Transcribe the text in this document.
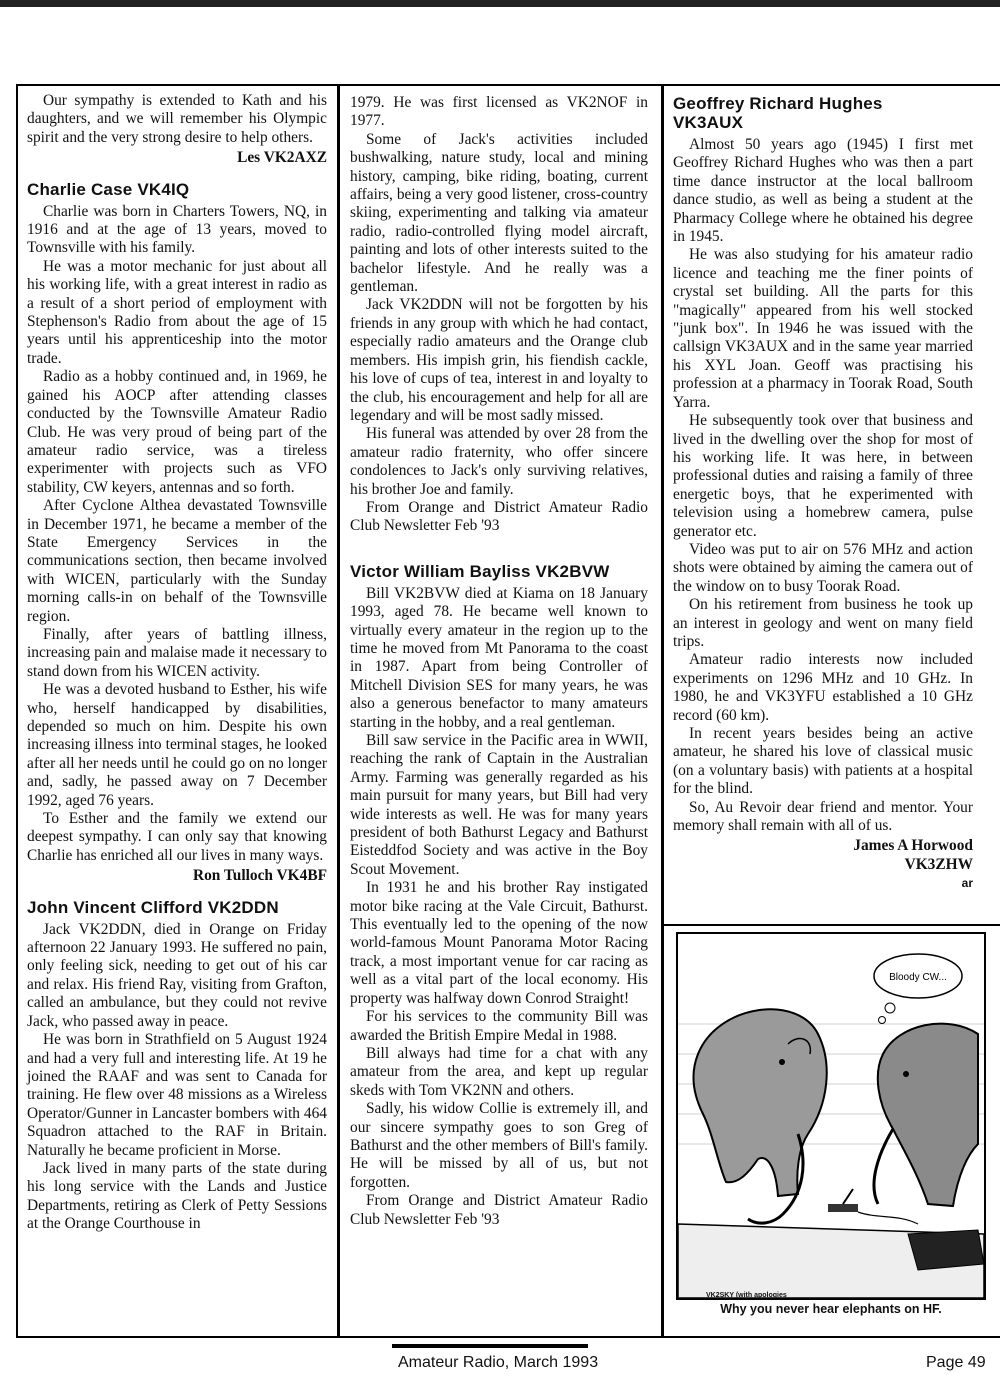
Our sympathy is extended to Kath and his daughters, and we will remember his Olympic spirit and the very strong desire to help others.

Les VK2AXZ

Charlie Case VK4IQ

Charlie was born in Charters Towers, NQ, in 1916 and at the age of 13 years, moved to Townsville with his family.

He was a motor mechanic for just about all his working life, with a great interest in radio as a result of a short period of employment with Stephenson's Radio from about the age of 15 years until his apprenticeship into the motor trade.

Radio as a hobby continued and, in 1969, he gained his AOCP after attending classes conducted by the Townsville Amateur Radio Club. He was very proud of being part of the amateur radio service, was a tireless experimenter with projects such as VFO stability, CW keyers, antennas and so forth.

After Cyclone Althea devastated Townsville in December 1971, he became a member of the State Emergency Services in the communications section, then became involved with WICEN, particularly with the Sunday morning calls-in on behalf of the Townsville region.

Finally, after years of battling illness, increasing pain and malaise made it necessary to stand down from his WICEN activity.

He was a devoted husband to Esther, his wife who, herself handicapped by disabilities, depended so much on him. Despite his own increasing illness into terminal stages, he looked after all her needs until he could go on no longer and, sadly, he passed away on 7 December 1992, aged 76 years.

To Esther and the family we extend our deepest sympathy. I can only say that knowing Charlie has enriched all our lives in many ways.

Ron Tulloch VK4BF

John Vincent Clifford VK2DDN

Jack VK2DDN, died in Orange on Friday afternoon 22 January 1993. He suffered no pain, only feeling sick, needing to get out of his car and relax. His friend Ray, visiting from Grafton, called an ambulance, but they could not revive Jack, who passed away in peace.

He was born in Strathfield on 5 August 1924 and had a very full and interesting life. At 19 he joined the RAAF and was sent to Canada for training. He flew over 48 missions as a Wireless Operator/Gunner in Lancaster bombers with 464 Squadron attached to the RAF in Britain. Naturally he became proficient in Morse.

Jack lived in many parts of the state during his long service with the Lands and Justice Departments, retiring as Clerk of Petty Sessions at the Orange Courthouse in

1979. He was first licensed as VK2NOF in 1977.

Some of Jack's activities included bushwalking, nature study, local and mining history, camping, bike riding, boating, current affairs, being a very good listener, cross-country skiing, experimenting and talking via amateur radio, radio-controlled flying model aircraft, painting and lots of other interests suited to the bachelor lifestyle. And he really was a gentleman.

Jack VK2DDN will not be forgotten by his friends in any group with which he had contact, especially radio amateurs and the Orange club members. His impish grin, his fiendish cackle, his love of cups of tea, interest in and loyalty to the club, his encouragement and help for all are legendary and will be most sadly missed.

His funeral was attended by over 28 from the amateur radio fraternity, who offer sincere condolences to Jack's only surviving relatives, his brother Joe and family.

From Orange and District Amateur Radio Club Newsletter Feb '93

Victor William Bayliss VK2BVW

Bill VK2BVW died at Kiama on 18 January 1993, aged 78. He became well known to virtually every amateur in the region up to the time he moved from Mt Panorama to the coast in 1987. Apart from being Controller of Mitchell Division SES for many years, he was also a generous benefactor to many amateurs starting in the hobby, and a real gentleman.

Bill saw service in the Pacific area in WWII, reaching the rank of Captain in the Australian Army. Farming was generally regarded as his main pursuit for many years, but Bill had very wide interests as well. He was for many years president of both Bathurst Legacy and Bathurst Eisteddfod Society and was active in the Boy Scout Movement.

In 1931 he and his brother Ray instigated motor bike racing at the Vale Circuit, Bathurst. This eventually led to the opening of the now world-famous Mount Panorama Motor Racing track, a most important venue for car racing as well as a vital part of the local economy. His property was halfway down Conrod Straight!

For his services to the community Bill was awarded the British Empire Medal in 1988.

Bill always had time for a chat with any amateur from the area, and kept up regular skeds with Tom VK2NN and others.

Sadly, his widow Collie is extremely ill, and our sincere sympathy goes to son Greg of Bathurst and the other members of Bill's family. He will be missed by all of us, but not forgotten.

From Orange and District Amateur Radio Club Newsletter Feb '93

Geoffrey Richard Hughes
VK3AUX

Almost 50 years ago (1945) I first met Geoffrey Richard Hughes who was then a part time dance instructor at the local ballroom dance studio, as well as being a student at the Pharmacy College where he obtained his degree in 1945.

He was also studying for his amateur radio licence and teaching me the finer points of crystal set building. All the parts for this "magically" appeared from his well stocked "junk box". In 1946 he was issued with the callsign VK3AUX and in the same year married his XYL Joan. Geoff was practising his profession at a pharmacy in Toorak Road, South Yarra.

He subsequently took over that business and lived in the dwelling over the shop for most of his working life. It was here, in between professional duties and raising a family of three energetic boys, that he experimented with television using a homebrew camera, pulse generator etc.

Video was put to air on 576 MHz and action shots were obtained by aiming the camera out of the window on to busy Toorak Road.

On his retirement from business he took up an interest in geology and went on many field trips.

Amateur radio interests now included experiments on 1296 MHz and 10 GHz. In 1980, he and VK3YFU established a 10 GHz record (60 km).

In recent years besides being an active amateur, he shared his love of classical music (on a voluntary basis) with patients at a hospital for the blind.

So, Au Revoir dear friend and mentor. Your memory shall remain with all of us.

James A Horwood

VK3ZHW

ar

Bloody CW...
VK2SKY (with apologies

Why you never hear elephants on HF.
Amateur Radio, March 1993	Page 49
